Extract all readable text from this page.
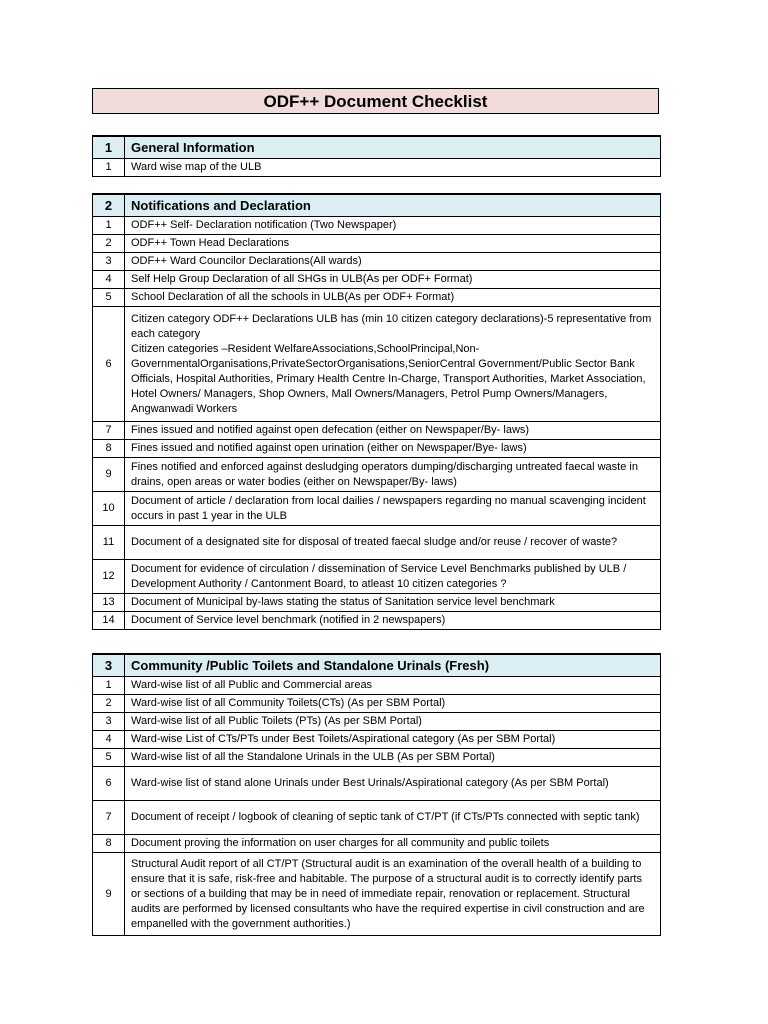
ODF++ Document Checklist
1	General Information
1	Ward wise map of the ULB
2	Notifications and Declaration
1	ODF++ Self- Declaration notification (Two Newspaper)
2	ODF++ Town Head Declarations
3	ODF++ Ward Councilor Declarations(All wards)
4	Self Help Group Declaration of all SHGs in ULB(As per ODF+ Format)
5	School Declaration of all the schools in ULB(As per ODF+ Format)
6	Citizen category ODF++ Declarations ULB has (min 10 citizen category declarations)-5 representative from each category
Citizen categories –Resident WelfareAssociations,SchoolPrincipal,Non-GovernmentalOrganisations,PrivateSectorOrganisations,SeniorCentral Government/Public Sector Bank Officials, Hospital Authorities, Primary Health Centre In-Charge, Transport Authorities, Market Association, Hotel Owners/ Managers, Shop Owners, Mall Owners/Managers, Petrol Pump Owners/Managers, Angwanwadi Workers
7	Fines issued and notified against open defecation (either on Newspaper/By- laws)
8	Fines issued and notified against open urination (either on Newspaper/Bye- laws)
9	Fines notified and enforced against desludging operators dumping/discharging untreated faecal waste in drains, open areas or water bodies (either on Newspaper/By- laws)
10	Document of article / declaration from local dailies / newspapers regarding no manual scavenging incident occurs in past 1 year in the ULB
11	Document of a designated site for disposal of treated faecal sludge and/or reuse / recover of waste?
12	Document for evidence of circulation / dissemination of Service Level Benchmarks published by ULB / Development Authority / Cantonment Board, to atleast 10 citizen categories ?
13	Document of Municipal by-laws stating the status of Sanitation service level benchmark
14	Document of Service level benchmark (notified in 2 newspapers)
3	Community /Public Toilets and Standalone Urinals (Fresh)
1	Ward-wise list of all Public and Commercial areas
2	Ward-wise list of all Community Toilets(CTs) (As per SBM Portal)
3	Ward-wise list of all Public Toilets (PTs) (As per SBM Portal)
4	Ward-wise List of CTs/PTs under Best Toilets/Aspirational category (As per SBM Portal)
5	Ward-wise list of all the Standalone Urinals in the ULB (As per SBM Portal)
6	Ward-wise list of stand alone Urinals under Best Urinals/Aspirational category (As per SBM Portal)
7	Document of receipt / logbook of cleaning of septic tank of CT/PT (if CTs/PTs connected with septic tank)
8	Document proving the information on user charges for all community and public toilets
9	Structural Audit report of all CT/PT (Structural audit is an examination of the overall health of a building to ensure that it is safe, risk-free and habitable. The purpose of a structural audit is to correctly identify parts or sections of a building that may be in need of immediate repair, renovation or replacement. Structural audits are performed by licensed consultants who have the required expertise in civil construction and are empanelled with the government authorities.)
